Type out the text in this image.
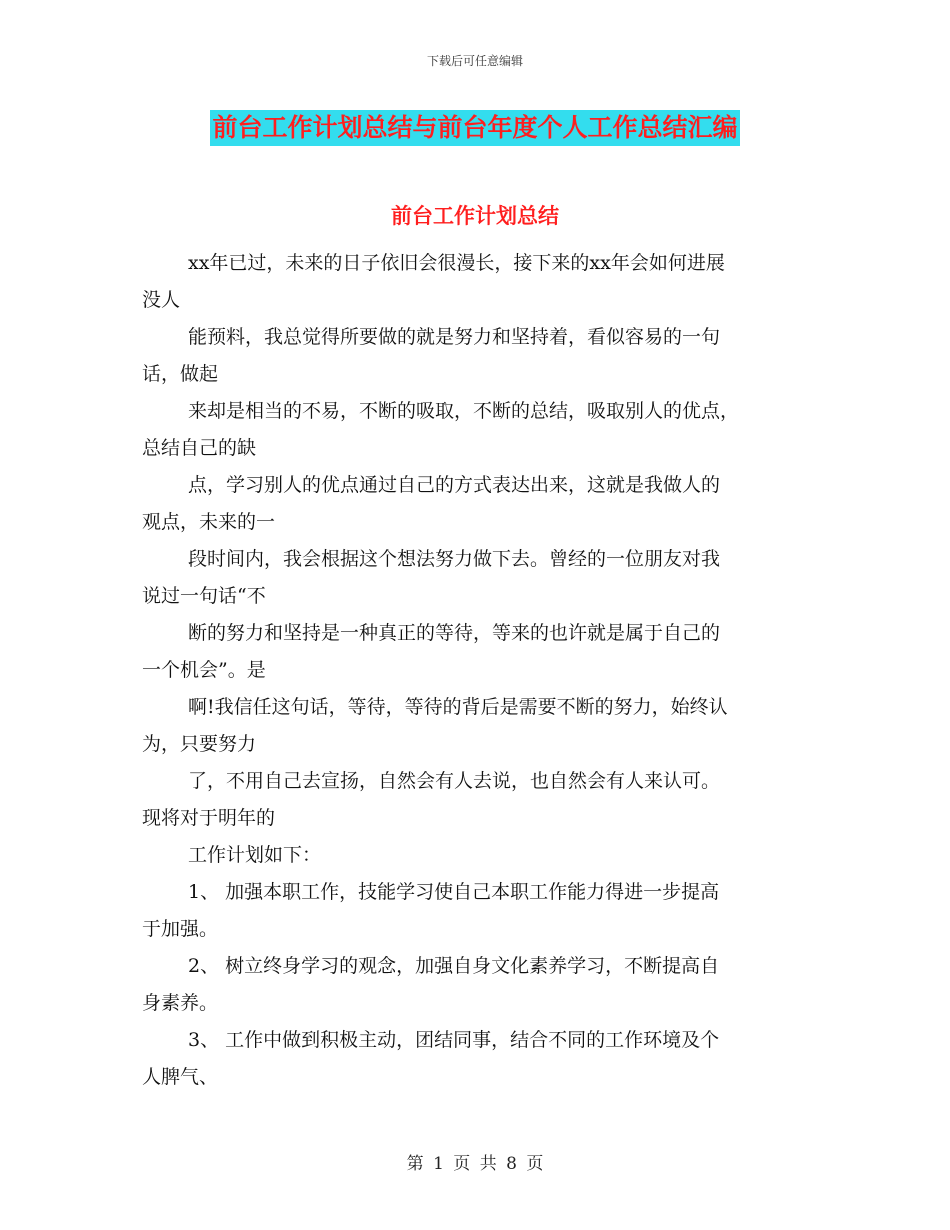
下载后可任意编辑
前台工作计划总结与前台年度个人工作总结汇编
前台工作计划总结

xx年已过，未来的日子依旧会很漫长，接下来的xx年会如何进展

没人

能预料，我总觉得所要做的就是努力和坚持着，看似容易的一句

话，做起

来却是相当的不易，不断的吸取，不断的总结，吸取别人的优点，

总结自己的缺

点，学习别人的优点通过自己的方式表达出来，这就是我做人的

观点，未来的一

段时间内，我会根据这个想法努力做下去。曾经的一位朋友对我

说过一句话“不

断的努力和坚持是一种真正的等待，等来的也许就是属于自己的

一个机会”。是

啊!我信任这句话，等待，等待的背后是需要不断的努力，始终认

为，只要努力

了，不用自己去宣扬，自然会有人去说，也自然会有人来认可。

现将对于明年的

工作计划如下：

1、 加强本职工作，技能学习使自己本职工作能力得进一步提高

于加强。

2、 树立终身学习的观念，加强自身文化素养学习，不断提高自

身素养。

3、 工作中做到积极主动，团结同事，结合不同的工作环境及个

人脾气、

第 1 页 共 8 页
